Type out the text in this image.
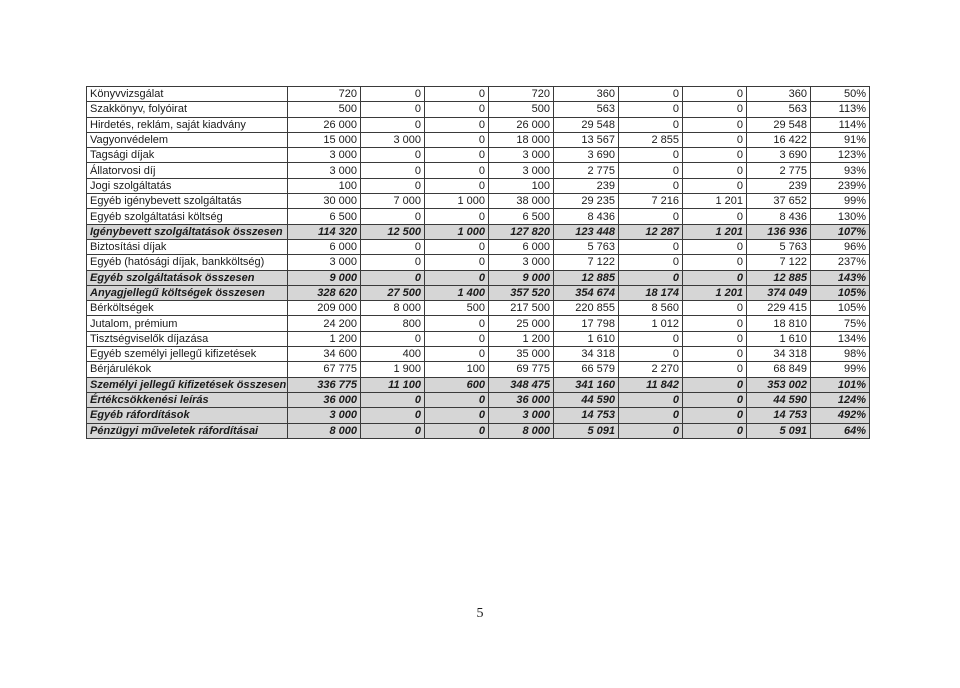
Könyvvizsgálat	720	0	0	720	360	0	0	360	50%
Szakkönyv, folyóirat	500	0	0	500	563	0	0	563	113%
Hirdetés, reklám, saját kiadvány	26 000	0	0	26 000	29 548	0	0	29 548	114%
Vagyonvédelem	15 000	3 000	0	18 000	13 567	2 855	0	16 422	91%
Tagsági díjak	3 000	0	0	3 000	3 690	0	0	3 690	123%
Állatorvosi díj	3 000	0	0	3 000	2 775	0	0	2 775	93%
Jogi szolgáltatás	100	0	0	100	239	0	0	239	239%
Egyéb igénybevett szolgáltatás	30 000	7 000	1 000	38 000	29 235	7 216	1 201	37 652	99%
Egyéb szolgáltatási költség	6 500	0	0	6 500	8 436	0	0	8 436	130%
Igénybevett szolgáltatások összesen	114 320	12 500	1 000	127 820	123 448	12 287	1 201	136 936	107%
Biztosítási díjak	6 000	0	0	6 000	5 763	0	0	5 763	96%
Egyéb (hatósági díjak, bankköltség)	3 000	0	0	3 000	7 122	0	0	7 122	237%
Egyéb szolgáltatások összesen	9 000	0	0	9 000	12 885	0	0	12 885	143%
Anyagjellegű költségek összesen	328 620	27 500	1 400	357 520	354 674	18 174	1 201	374 049	105%
Bérköltségek	209 000	8 000	500	217 500	220 855	8 560	0	229 415	105%
Jutalom, prémium	24 200	800	0	25 000	17 798	1 012	0	18 810	75%
Tisztségviselők díjazása	1 200	0	0	1 200	1 610	0	0	1 610	134%
Egyéb személyi jellegű kifizetések	34 600	400	0	35 000	34 318	0	0	34 318	98%
Bérjárulékok	67 775	1 900	100	69 775	66 579	2 270	0	68 849	99%
Személyi jellegű kifizetések összesen	336 775	11 100	600	348 475	341 160	11 842	0	353 002	101%
Értékcsökkenési leírás	36 000	0	0	36 000	44 590	0	0	44 590	124%
Egyéb ráfordítások	3 000	0	0	3 000	14 753	0	0	14 753	492%
Pénzügyi műveletek ráfordításai	8 000	0	0	8 000	5 091	0	0	5 091	64%
5
